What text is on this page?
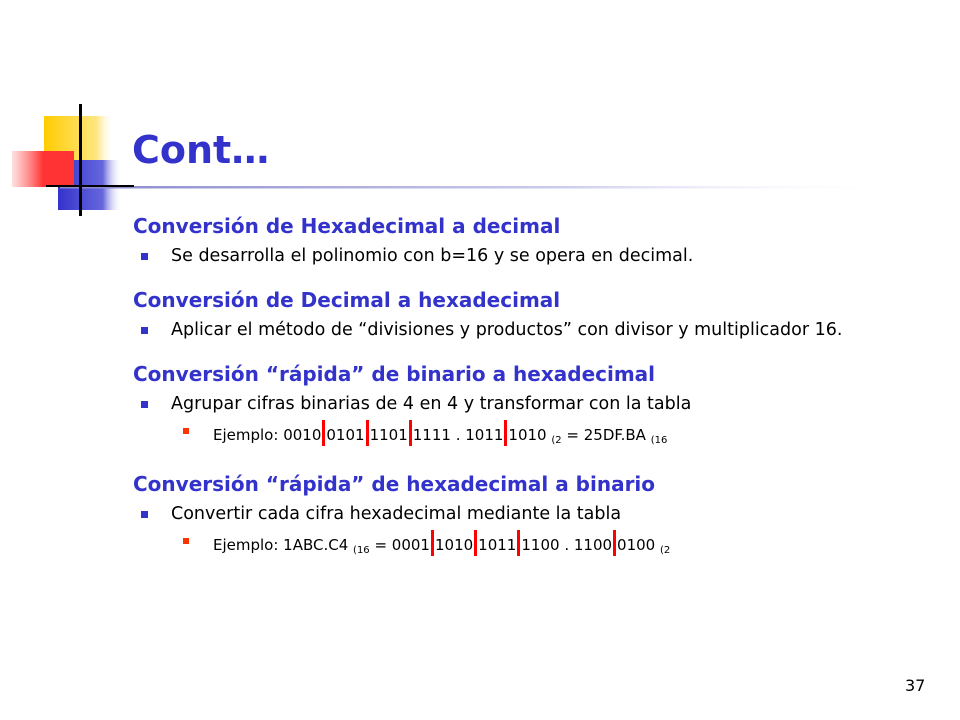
Cont…

Conversión de Hexadecimal a decimal

Se desarrolla el polinomio con b=16 y se opera en decimal.

Conversión de Decimal a hexadecimal

Aplicar el método de “divisiones y productos” con divisor y multiplicador 16.

Conversión “rápida” de binario a hexadecimal

Agrupar cifras binarias de 4 en 4 y transformar con la tabla
Ejemplo: 0010 0101 1101 1111 . 1011 1010 $_{(2}$ = 25DF.BA $_{(16}$

Conversión “rápida” de hexadecimal a binario

Convertir cada cifra hexadecimal mediante la tabla
Ejemplo: 1ABC.C4 $_{(16}$ = 0001 1010 1011 1100 . 1100 0100 $_{(2}$
37
